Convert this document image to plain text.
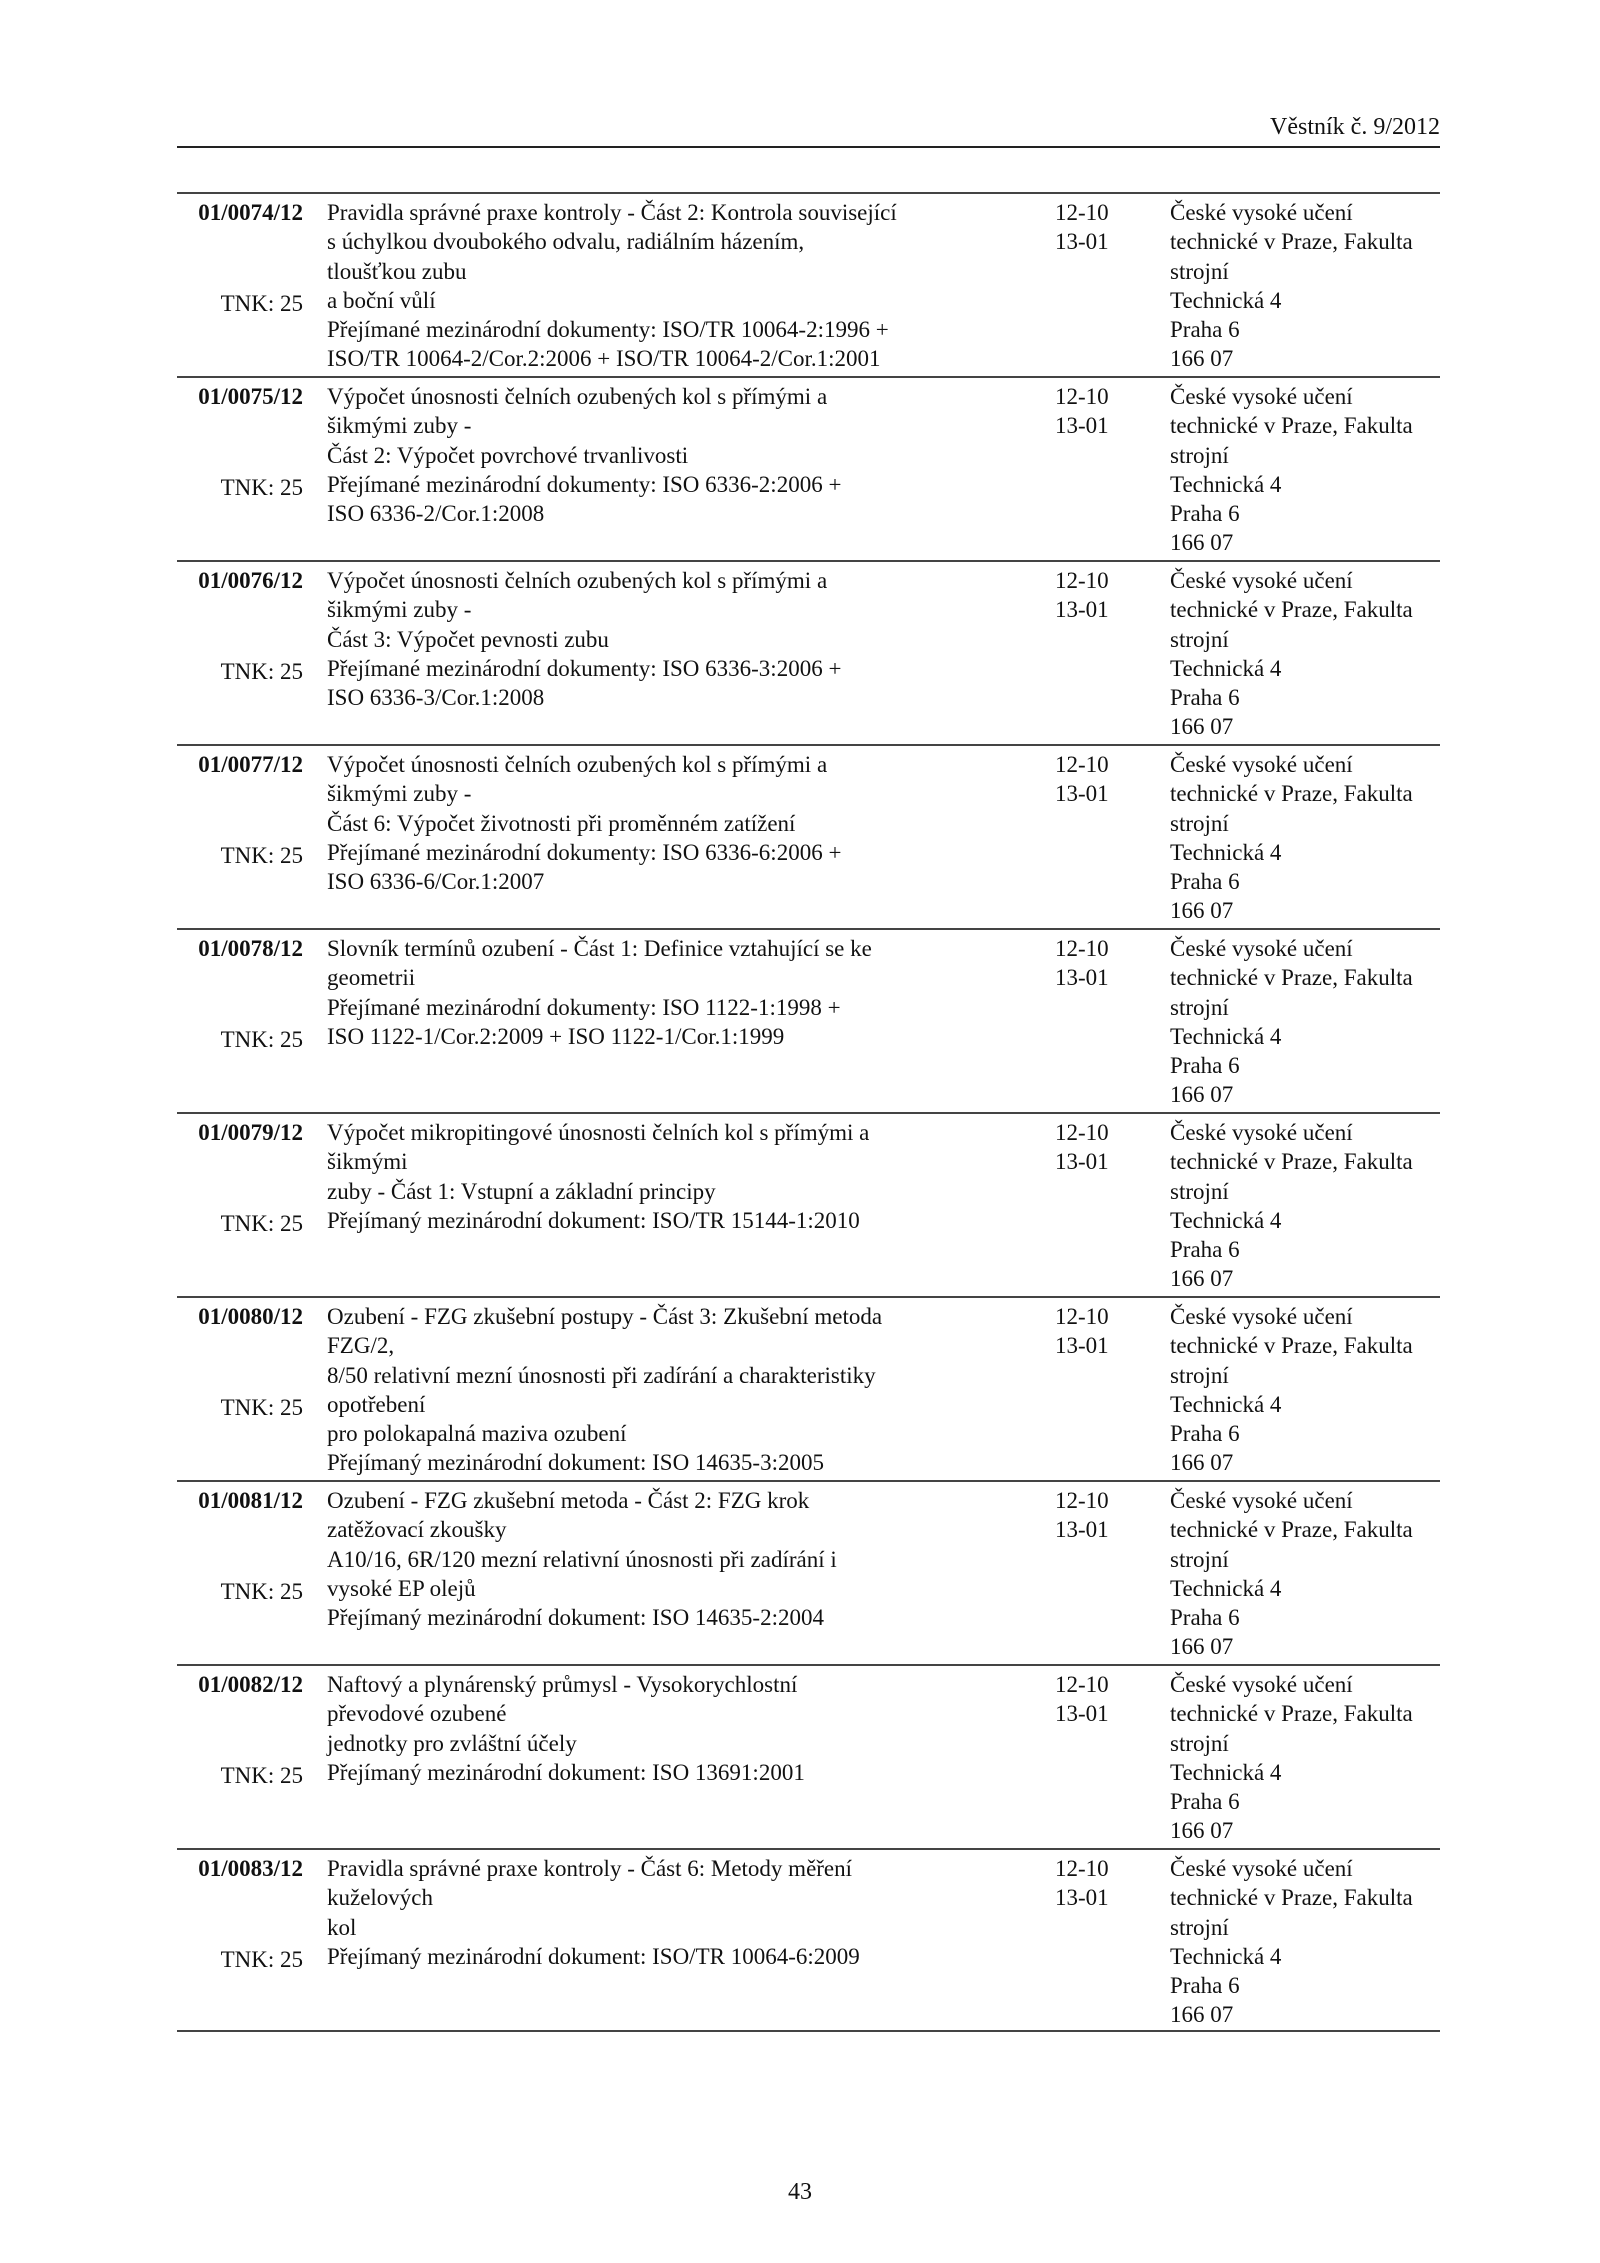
Věstník č. 9/2012
01/0074/12
TNK: 25
Pravidla správné praxe kontroly - Část 2: Kontrola související
s úchylkou dvoubokého odvalu, radiálním házením, tloušťkou zubu
a boční vůlí
Přejímané mezinárodní dokumenty: ISO/TR 10064-2:1996 +
ISO/TR 10064-2/Cor.2:2006 + ISO/TR 10064-2/Cor.1:2001
12-10
13-01
České vysoké učení
technické v Praze, Fakulta
strojní
Technická 4
Praha 6
166 07
01/0075/12
TNK: 25
Výpočet únosnosti čelních ozubených kol s přímými a šikmými zuby -
Část 2: Výpočet povrchové trvanlivosti
Přejímané mezinárodní dokumenty: ISO 6336-2:2006 +
ISO 6336-2/Cor.1:2008
12-10
13-01
České vysoké učení
technické v Praze, Fakulta
strojní
Technická 4
Praha 6
166 07
01/0076/12
TNK: 25
Výpočet únosnosti čelních ozubených kol s přímými a šikmými zuby -
Část 3: Výpočet pevnosti zubu
Přejímané mezinárodní dokumenty: ISO 6336-3:2006 +
ISO 6336-3/Cor.1:2008
12-10
13-01
České vysoké učení
technické v Praze, Fakulta
strojní
Technická 4
Praha 6
166 07
01/0077/12
TNK: 25
Výpočet únosnosti čelních ozubených kol s přímými a šikmými zuby -
Část 6: Výpočet životnosti při proměnném zatížení
Přejímané mezinárodní dokumenty: ISO 6336-6:2006 +
ISO 6336-6/Cor.1:2007
12-10
13-01
České vysoké učení
technické v Praze, Fakulta
strojní
Technická 4
Praha 6
166 07
01/0078/12
TNK: 25
Slovník termínů ozubení - Část 1: Definice vztahující se ke geometrii
Přejímané mezinárodní dokumenty: ISO 1122-1:1998 +
ISO 1122-1/Cor.2:2009 + ISO 1122-1/Cor.1:1999
12-10
13-01
České vysoké učení
technické v Praze, Fakulta
strojní
Technická 4
Praha 6
166 07
01/0079/12
TNK: 25
Výpočet mikropitingové únosnosti čelních kol s přímými a šikmými
zuby - Část 1: Vstupní a základní principy
Přejímaný mezinárodní dokument: ISO/TR 15144-1:2010
12-10
13-01
České vysoké učení
technické v Praze, Fakulta
strojní
Technická 4
Praha 6
166 07
01/0080/12
TNK: 25
Ozubení - FZG zkušební postupy - Část 3: Zkušební metoda FZG/2,
8/50 relativní mezní únosnosti při zadírání a charakteristiky opotřebení
pro polokapalná maziva ozubení
Přejímaný mezinárodní dokument: ISO 14635-3:2005
12-10
13-01
České vysoké učení
technické v Praze, Fakulta
strojní
Technická 4
Praha 6
166 07
01/0081/12
TNK: 25
Ozubení - FZG zkušební metoda - Část 2: FZG krok zatěžovací zkoušky
A10/16, 6R/120 mezní relativní únosnosti při zadírání i vysoké EP olejů
Přejímaný mezinárodní dokument: ISO 14635-2:2004
12-10
13-01
České vysoké učení
technické v Praze, Fakulta
strojní
Technická 4
Praha 6
166 07
01/0082/12
TNK: 25
Naftový a plynárenský průmysl - Vysokorychlostní převodové ozubené
jednotky pro zvláštní účely
Přejímaný mezinárodní dokument: ISO 13691:2001
12-10
13-01
České vysoké učení
technické v Praze, Fakulta
strojní
Technická 4
Praha 6
166 07
01/0083/12
TNK: 25
Pravidla správné praxe kontroly - Část 6: Metody měření kuželových
kol
Přejímaný mezinárodní dokument: ISO/TR 10064-6:2009
12-10
13-01
České vysoké učení
technické v Praze, Fakulta
strojní
Technická 4
Praha 6
166 07
43
